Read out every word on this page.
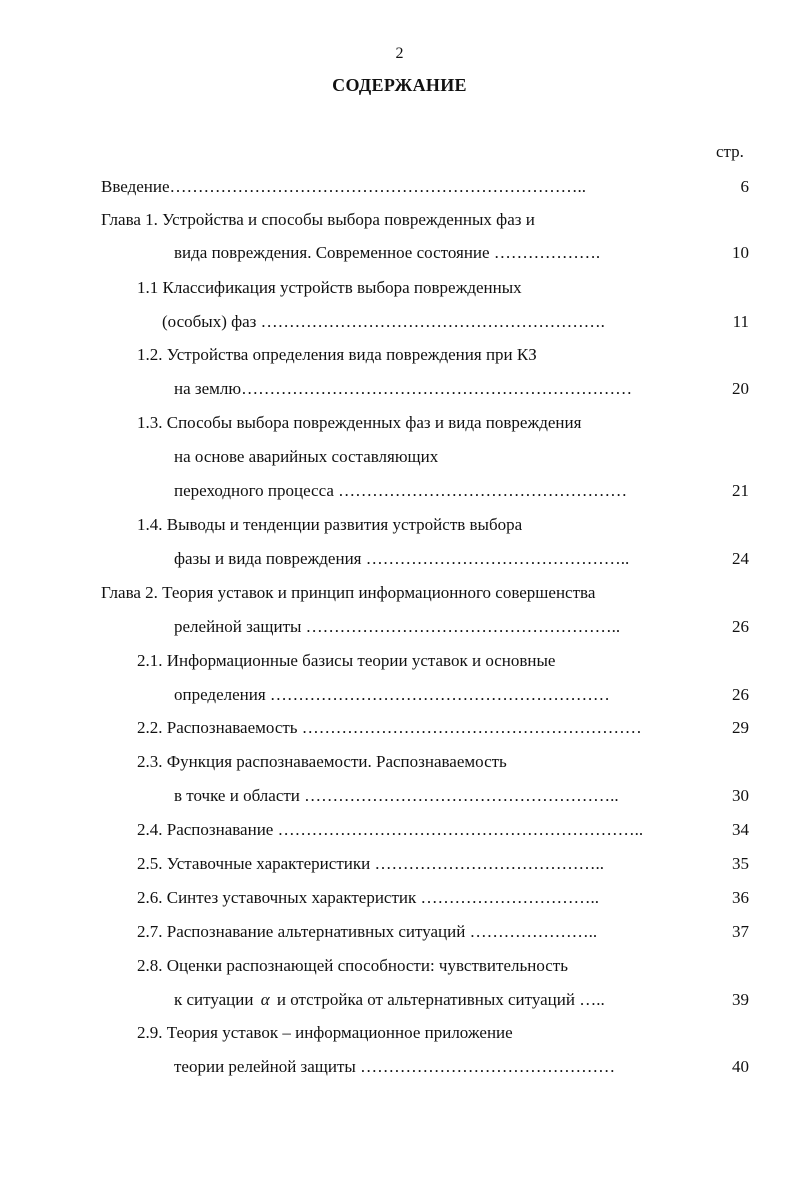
2
СОДЕРЖАНИЕ
стр.
Введение………………………………………………………………..	6
Глава 1. Устройства и способы выбора поврежденных фаз и
вида повреждения. Современное состояние ……………….	10
1.1 Классификация устройств выбора поврежденных
(особых) фаз …………………………………………………….	11
1.2. Устройства определения вида повреждения при КЗ
на землю……………………………………………………………	20
1.3. Способы выбора поврежденных фаз и вида повреждения
на основе аварийных составляющих
переходного процесса ……………………………………………	21
1.4. Выводы и тенденции развития устройств выбора
фазы и вида повреждения ………………………………………..	24
Глава 2. Теория уставок и принцип информационного совершенства
релейной защиты ………………………………………………..	26
2.1. Информационные базисы теории уставок и основные
определения ……………………………………………………	26
2.2. Распознаваемость ……………………………………………………	29
2.3. Функция распознаваемости. Распознаваемость
в точке и области ………………………………………………..	30
2.4. Распознавание ………………………………………………………..	34
2.5. Уставочные характеристики …………………………………..	35
2.6. Синтез уставочных характеристик …………………………..	36
2.7. Распознавание альтернативных ситуаций …………………..	37
2.8. Оценки распознающей способности: чувствительность
к ситуации α и отстройка от альтернативных ситуаций …..	39
2.9. Теория уставок – информационное приложение
теории релейной защиты ………………………………………	40
